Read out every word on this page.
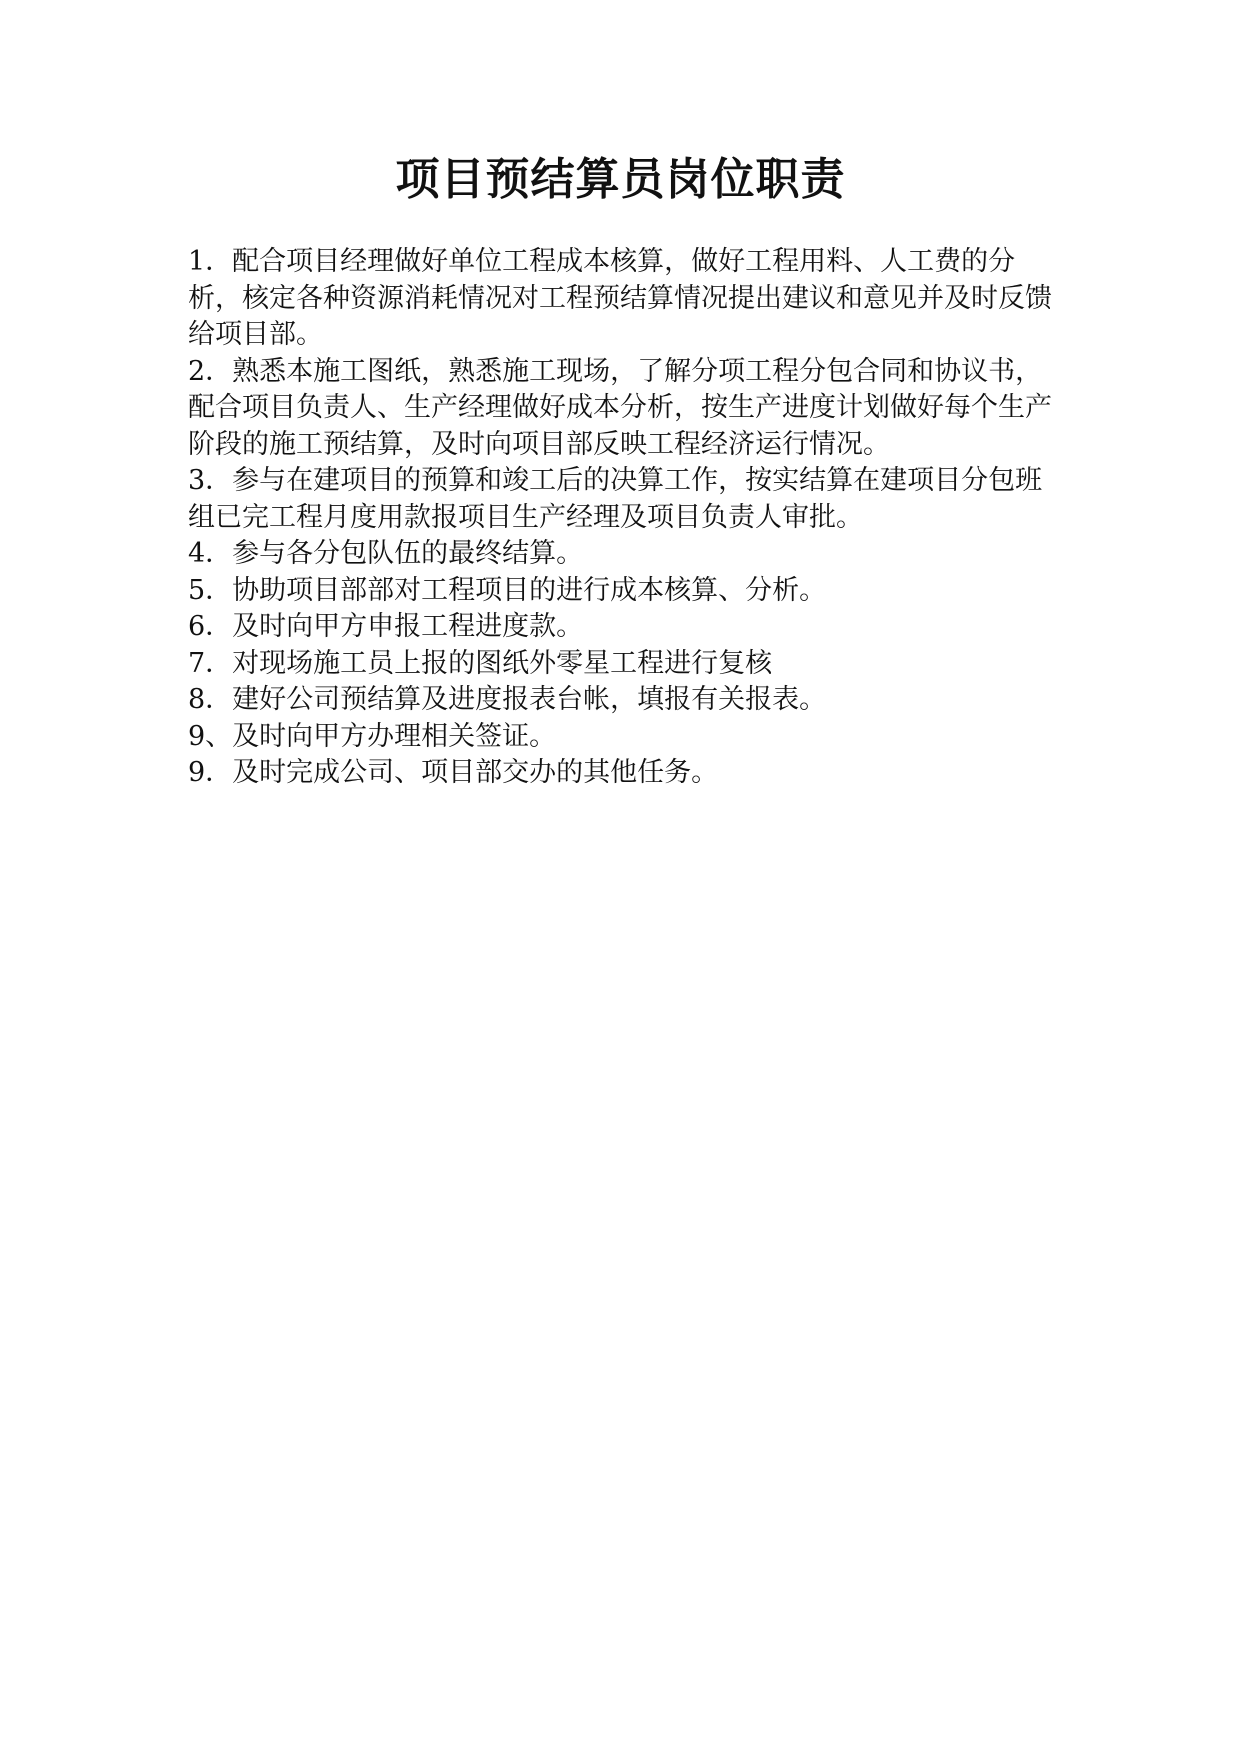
项目预结算员岗位职责
1．配合项目经理做好单位工程成本核算，做好工程用料、人工费的分析，核定各种资源消耗情况对工程预结算情况提出建议和意见并及时反馈给项目部。
2．熟悉本施工图纸，熟悉施工现场，了解分项工程分包合同和协议书，配合项目负责人、生产经理做好成本分析，按生产进度计划做好每个生产阶段的施工预结算，及时向项目部反映工程经济运行情况。
3．参与在建项目的预算和竣工后的决算工作，按实结算在建项目分包班组已完工程月度用款报项目生产经理及项目负责人审批。
4．参与各分包队伍的最终结算。
5．协助项目部部对工程项目的进行成本核算、分析。
6．及时向甲方申报工程进度款。
7．对现场施工员上报的图纸外零星工程进行复核
8．建好公司预结算及进度报表台帐，填报有关报表。
9、及时向甲方办理相关签证。
9．及时完成公司、项目部交办的其他任务。
